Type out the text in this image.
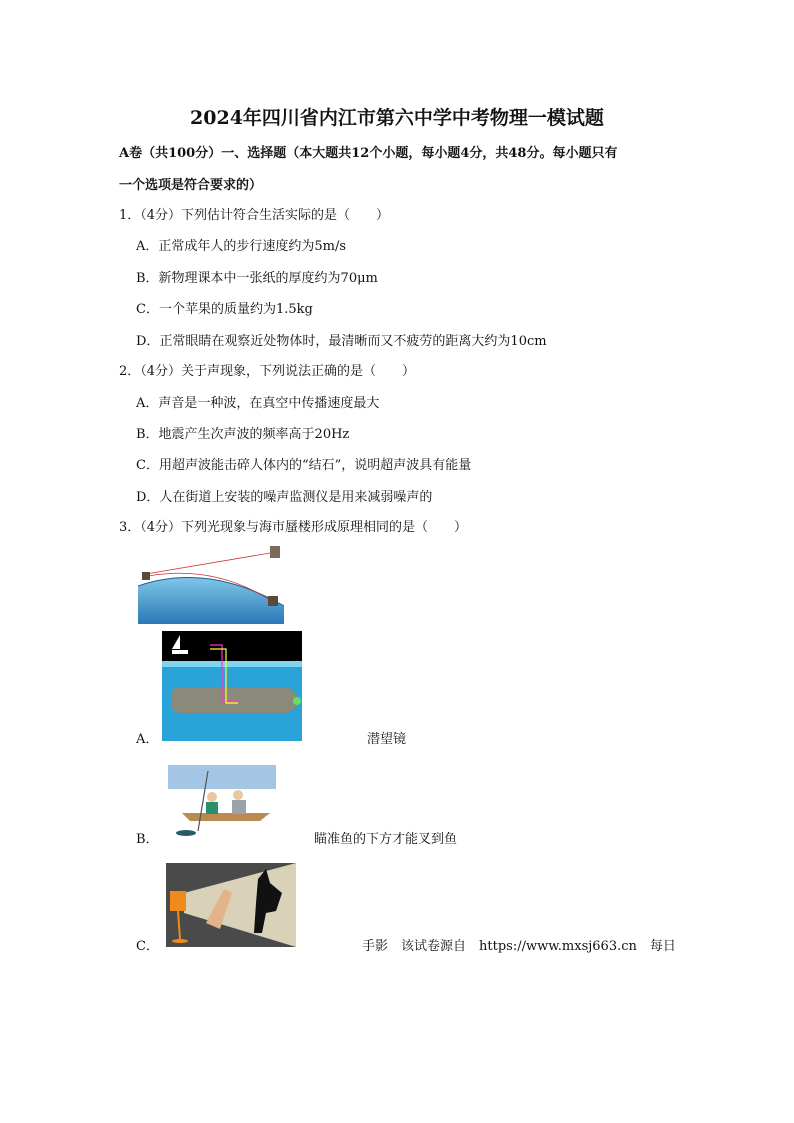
2024年四川省内江市第六中学中考物理一模试题
A卷（共100分）一、选择题（本大题共12个小题，每小题4分，共48分。每小题只有
一个选项是符合要求的）
1．（4分）下列估计符合生活实际的是（　　）
A．正常成年人的步行速度约为5m/s
B．新物理课本中一张纸的厚度约为70μm
C．一个苹果的质量约为1.5kg
D．正常眼睛在观察近处物体时，最清晰而又不疲劳的距离大约为10cm
2．（4分）关于声现象，下列说法正确的是（　　）
A．声音是一种波，在真空中传播速度最大
B．地震产生次声波的频率高于20Hz
C．用超声波能击碎人体内的“结石”，说明超声波具有能量
D．人在街道上安装的噪声监测仪是用来减弱噪声的
3．（4分）下列光现象与海市蜃楼形成原理相同的是（　　）
A．	潜望镜
B．	瞄准鱼的下方才能叉到鱼
C．	手影　该试卷源自　https://www.mxsj663.cn　每日
